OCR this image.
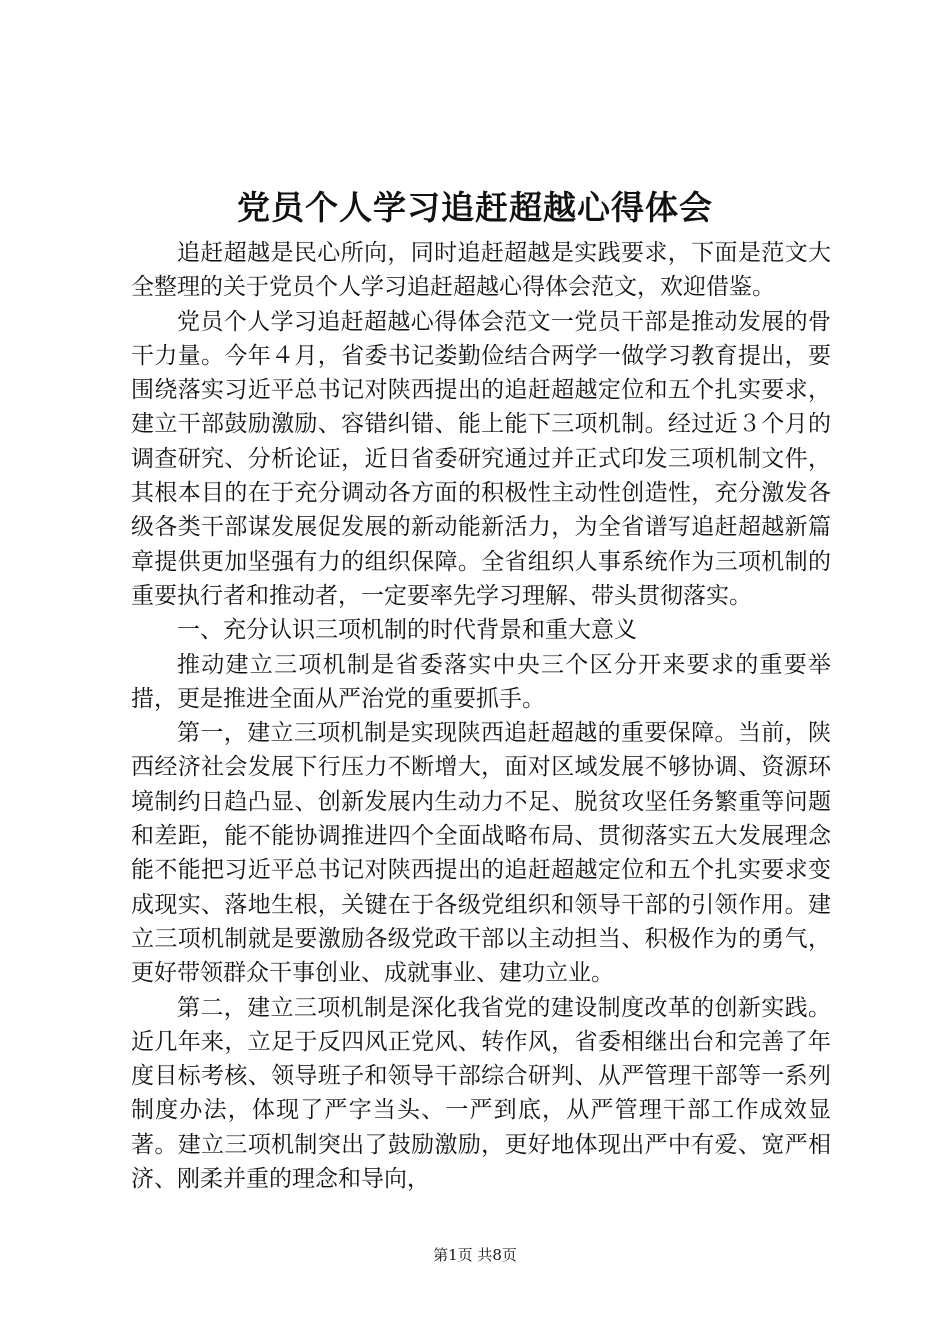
党员个人学习追赶超越心得体会

追赶超越是民心所向，同时追赶超越是实践要求，下面是范文大全整理的关于党员个人学习追赶超越心得体会范文，欢迎借鉴。

党员个人学习追赶超越心得体会范文一党员干部是推动发展的骨干力量。今年４月，省委书记娄勤俭结合两学一做学习教育提出，要围绕落实习近平总书记对陕西提出的追赶超越定位和五个扎实要求，建立干部鼓励激励、容错纠错、能上能下三项机制。经过近３个月的调查研究、分析论证，近日省委研究通过并正式印发三项机制文件，其根本目的在于充分调动各方面的积极性主动性创造性，充分激发各级各类干部谋发展促发展的新动能新活力，为全省谱写追赶超越新篇章提供更加坚强有力的组织保障。全省组织人事系统作为三项机制的重要执行者和推动者，一定要率先学习理解、带头贯彻落实。

一、充分认识三项机制的时代背景和重大意义

推动建立三项机制是省委落实中央三个区分开来要求的重要举措，更是推进全面从严治党的重要抓手。

第一，建立三项机制是实现陕西追赶超越的重要保障。当前，陕西经济社会发展下行压力不断增大，面对区域发展不够协调、资源环境制约日趋凸显、创新发展内生动力不足、脱贫攻坚任务繁重等问题和差距，能不能协调推进四个全面战略布局、贯彻落实五大发展理念能不能把习近平总书记对陕西提出的追赶超越定位和五个扎实要求变成现实、落地生根，关键在于各级党组织和领导干部的引领作用。建立三项机制就是要激励各级党政干部以主动担当、积极作为的勇气，更好带领群众干事创业、成就事业、建功立业。

第二，建立三项机制是深化我省党的建设制度改革的创新实践。近几年来，立足于反四风正党风、转作风，省委相继出台和完善了年度目标考核、领导班子和领导干部综合研判、从严管理干部等一系列制度办法，体现了严字当头、一严到底，从严管理干部工作成效显著。建立三项机制突出了鼓励激励，更好地体现出严中有爱、宽严相济、刚柔并重的理念和导向，

第1页 共8页
